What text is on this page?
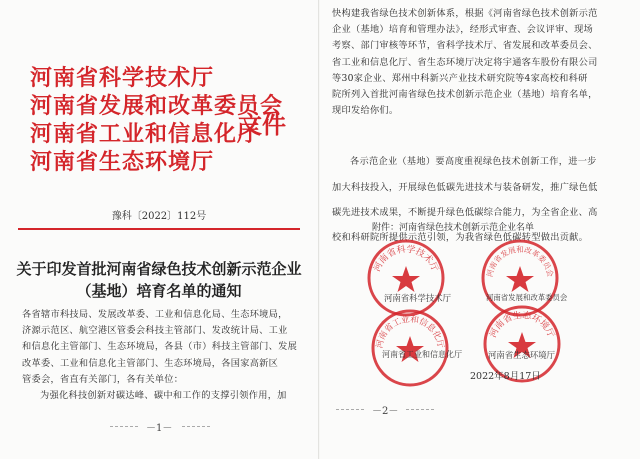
河南省科学技术厅
河南省发展和改革委员会
河南省工业和信息化厅
河南省生态环境厅
文件
豫科〔2022〕112号
关于印发首批河南省绿色技术创新示范企业
（基地）培育名单的通知

各省辖市科技局、发展改革委、工业和信息化局、生态环境局，

济源示范区、航空港区管委会科技主管部门、发改统计局、工业

和信息化主管部门、生态环境局，各县（市）科技主管部门、发展

改革委、工业和信息化主管部门、生态环境局，各国家高新区

管委会，省直有关部门，各有关单位：

为强化科技创新对碳达峰、碳中和工作的支撑引领作用，加

－1－

快构建我省绿色技术创新体系，根据《河南省绿色技术创新示范

企业（基地）培育和管理办法》，经形式审查、会议评审、现场

考察、部门审核等环节，省科学技术厅、省发展和改革委员会、

省工业和信息化厅、省生态环境厅决定将宇通客车股份有限公司

等30家企业、郑州中科新兴产业技术研究院等4家高校和科研

院所列入首批河南省绿色技术创新示范企业（基地）培育名单，

现印发给你们。

各示范企业（基地）要高度重视绿色技术创新工作，进一步

加大科技投入，开展绿色低碳先进技术与装备研发，推广绿色低

碳先进技术成果，不断提升绿色低碳综合能力，为全省企业、高

校和科研院所提供示范引领，为我省绿色低碳转型做出贡献。

附件：河南省绿色技术创新示范企业名单
河南省科学技术厅
河南省科学技术厅
河南省发展和改革委员会
河南省发展和改革委员会
河南省工业和信息化厅
河南省工业和信息化厅
河南省生态环境厅
河南省生态环境厅
2022年8月17日
－2－
